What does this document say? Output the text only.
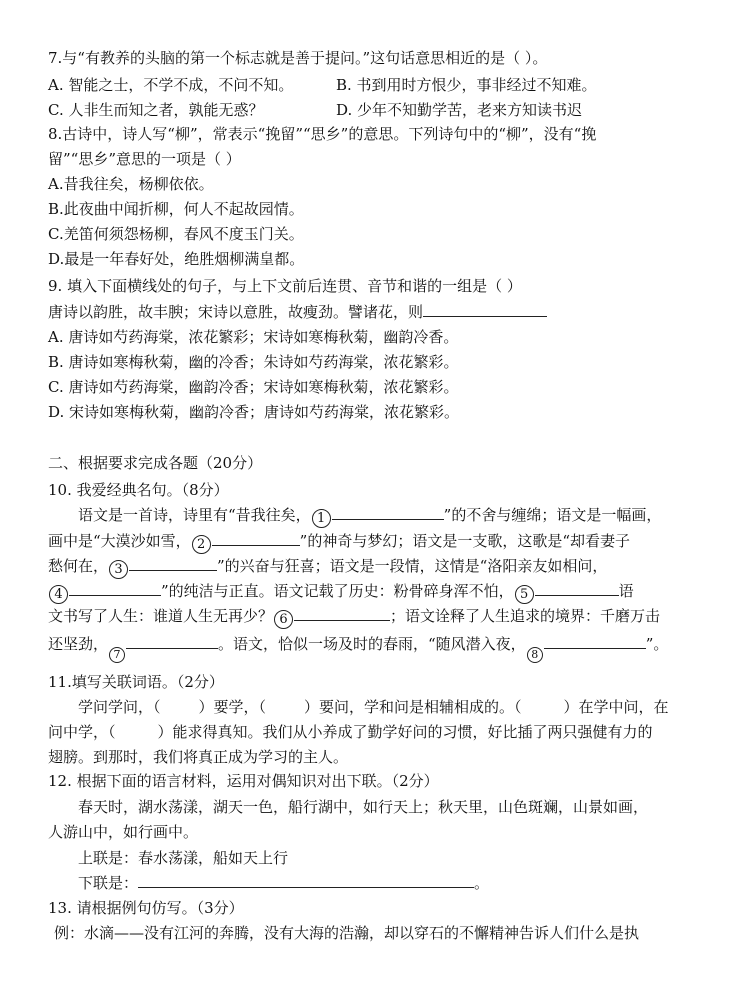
7.与“有教养的头脑的第一个标志就是善于提问。”这句话意思相近的是（ ）。
A. 智能之士，不学不成，不问不知。	B. 书到用时方恨少，事非经过不知难。
C. 人非生而知之者，孰能无惑？	D. 少年不知勤学苦，老来方知读书迟
8.古诗中，诗人写“柳”，常表示“挽留”“思乡”的意思。下列诗句中的“柳”，没有“挽
留”“思乡”意思的一项是（ ）
A.昔我往矣，杨柳依依。
B.此夜曲中闻折柳，何人不起故园情。
C.羌笛何须怨杨柳，春风不度玉门关。
D.最是一年春好处，绝胜烟柳满皇都。
9. 填入下面横线处的句子，与上下文前后连贯、音节和谐的一组是（ ）
唐诗以韵胜，故丰腴；宋诗以意胜，故瘦劲。譬诸花，则
A. 唐诗如芍药海棠，浓花繁彩；宋诗如寒梅秋菊，幽韵冷香。
B. 唐诗如寒梅秋菊，幽的冷香；朱诗如芍药海棠，浓花繁彩。
C. 唐诗如芍药海棠，幽韵冷香；宋诗如寒梅秋菊，浓花繁彩。
D. 宋诗如寒梅秋菊，幽韵冷香；唐诗如芍药海棠，浓花繁彩。
二、根据要求完成各题（20分）
10. 我爱经典名句。（8分）
语文是一首诗，诗里有“昔我往矣， 1	”的不舍与缠绵；语文是一幅画，
画中是“大漠沙如雪， 2	”的神奇与梦幻；语文是一支歌，这歌是“却看妻子
愁何在， 3	”的兴奋与狂喜；语文是一段情，这情是“洛阳亲友如相问，
4	”的纯洁与正直。语文记载了历史：粉骨碎身浑不怕， 5	语
文书写了人生：谁道人生无再少？ 6	；语文诠释了人生追求的境界：千磨万击
还坚劲，7。语文，恰似一场及时的春雨，“随风潜入夜，8”。
11.填写关联词语。（2分）
学问学问，（	）要学，（	）要问，学和问是相辅相成的。（	）在学中问，在
问中学，（	）能求得真知。我们从小养成了勤学好问的习惯，好比插了两只强健有力的
翅膀。到那时，我们将真正成为学习的主人。
12. 根据下面的语言材料，运用对偶知识对出下联。（2分）
春天时，湖水荡漾，湖天一色，船行湖中，如行天上；秋天里，山色斑斓，山景如画，
人游山中，如行画中。
上联是：春水荡漾，船如天上行
下联是：	。
13. 请根据例句仿写。（3分）
例：水滴——没有江河的奔腾，没有大海的浩瀚，却以穿石的不懈精神告诉人们什么是执
